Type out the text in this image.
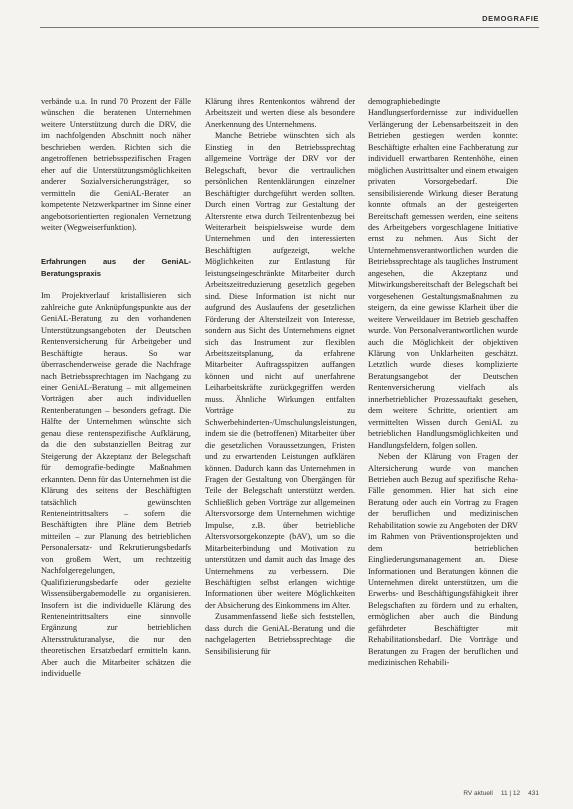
DEMOGRAFIE

verbände u.a. In rund 70 Prozent der Fälle wünschen die beratenen Unternehmen weitere Unterstützung durch die DRV, die im nachfolgenden Abschnitt noch näher beschrieben werden. Richten sich die angetroffenen betriebsspezifischen Fragen eher auf die Unterstützungsmöglichkeiten anderer Sozialversicherungsträger, so vermitteln die GeniAL-Berater an kompetente Netzwerkpartner im Sinne einer angebotsorientierten regionalen Vernetzung weiter (Wegweiserfunktion).

Erfahrungen aus der GeniAL-Beratungspraxis

Im Projektverlauf kristallisieren sich zahlreiche gute Anknüpfungspunkte aus der GeniAL-Beratung zu den vorhandenen Unterstützungsangeboten der Deutschen Rentenversicherung für Arbeitgeber und Beschäftigte heraus. So war überraschenderweise gerade die Nachfrage nach Betriebssprechtagen im Nachgang zu einer GeniAL-Beratung – mit allgemeinen Vorträgen aber auch individuellen Rentenberatungen – besonders gefragt. Die Hälfte der Unternehmen wünschte sich genau diese rentenspezifische Aufklärung, da die den substanziellen Beitrag zur Steigerung der Akzeptanz der Belegschaft für demografie-bedingte Maßnahmen erkannten. Denn für das Unternehmen ist die Klärung des seitens der Beschäftigten tatsächlich gewünschten Renteneintrittsalters – sofern die Beschäftigten ihre Pläne dem Betrieb mitteilen – zur Planung des betrieblichen Personalersatz- und Rekrutierungsbedarfs von großem Wert, um rechtzeitig Nachfolgeregelungen, Qualifizierungsbedarfe oder gezielte Wissensübergabemodelle zu organisieren. Insofern ist die individuelle Klärung des Renteneintrittsalters eine sinnvolle Ergänzung zur betrieblichen Altersstrukturanalyse, die nur den theoretischen Ersatzbedarf ermitteln kann. Aber auch die Mitarbeiter schätzen die individuelle

Klärung ihres Rentenkontos während der Arbeitszeit und werten diese als besondere Anerkennung des Unternehmens.

Manche Betriebe wünschten sich als Einstieg in den Betriebssprechtag allgemeine Vorträge der DRV vor der Belegschaft, bevor die vertraulichen persönlichen Rentenklärungen einzelner Beschäftigter durchgeführt werden sollten. Durch einen Vortrag zur Gestaltung der Altersrente etwa durch Teilrentenbezug bei Weiterarbeit beispielsweise wurde dem Unternehmen und den interessierten Beschäftigten aufgezeigt, welche Möglichkeiten zur Entlastung für leistungseingeschränkte Mitarbeiter durch Arbeitszeitreduzierung gesetzlich gegeben sind. Diese Information ist nicht nur aufgrund des Auslaufens der gesetzlichen Förderung der Altersteilzeit von Interesse, sondern aus Sicht des Unternehmens eignet sich das Instrument zur flexiblen Arbeitszeitsplanung, da erfahrene Mitarbeiter Auftragsspitzen auffangen können und nicht auf unerfahrene Leiharbeitskräfte zurückgegriffen werden muss. Ähnliche Wirkungen entfalten Vorträge zu Schwerbehinderten-/Umschulungsleistungen, indem sie die (betroffenen) Mitarbeiter über die gesetzlichen Voraussetzungen, Fristen und zu erwartenden Leistungen aufklären können. Dadurch kann das Unternehmen in Fragen der Gestaltung von Übergängen für Teile der Belegschaft unterstützt werden. Schließlich geben Vorträge zur allgemeinen Altersvorsorge dem Unternehmen wichtige Impulse, z.B. über betriebliche Altersvorsorgekonzepte (bAV), um so die Mitarbeiterbindung und Motivation zu unterstützen und damit auch das Image des Unternehmens zu verbessern. Die Beschäftigten selbst erlangen wichtige Informationen über weitere Möglichkeiten der Absicherung des Einkommens im Alter.

Zusammenfassend ließe sich feststellen, dass durch die GeniAL-Beratung und die nachgelagerten Betriebssprechtage die Sensibilisierung für

demographiebedingte Handlungserfordernisse zur individuellen Verlängerung der Lebensarbeitszeit in den Betrieben gestiegen werden konnte: Beschäftigte erhalten eine Fachberatung zur individuell erwartbaren Rentenhöhe, einen möglichen Austrittsalter und einem etwaigen privaten Vorsorgebedarf. Die sensibilisierende Wirkung dieser Beratung konnte oftmals an der gesteigerten Bereitschaft gemessen werden, eine seitens des Arbeitgebers vorgeschlagene Initiative ernst zu nehmen. Aus Sicht der Unternehmensverantwortlichen wurden die Betriebssprechtage als taugliches Instrument angesehen, die Akzeptanz und Mitwirkungsbereitschaft der Belegschaft bei vorgesehenen Gestaltungsmaßnahmen zu steigern, da eine gewisse Klarheit über die weitere Verweildauer im Betrieb geschaffen wurde. Von Personalverantwortlichen wurde auch die Möglichkeit der objektiven Klärung von Unklarheiten geschätzt. Letztlich wurde dieses komplizierte Beratungsangebot der Deutschen Rentenversicherung vielfach als innerbetrieblicher Prozessauftakt gesehen, dem weitere Schritte, orientiert am vermittelten Wissen durch GeniAL zu betrieblichen Handlungsmöglichkeiten und Handlungsfeldern, folgen sollen.

Neben der Klärung von Fragen der Altersicherung wurde von manchen Betrieben auch Bezug auf spezifische Reha-Fälle genommen. Hier hat sich eine Beratung oder auch ein Vortrag zu Fragen der beruflichen und medizinischen Rehabilitation sowie zu Angeboten der DRV im Rahmen von Präventionsprojekten und dem betrieblichen Eingliederungsmanagement an. Diese Informationen und Beratungen können die Unternehmen direkt unterstützen, um die Erwerbs- und Beschäftigungsfähigkeit ihrer Belegschaften zu fördern und zu erhalten, ermöglichen aber auch die Bindung gefährdeter Beschäftigter mit Rehabilitationsbedarf. Die Vorträge und Beratungen zu Fragen der beruflichen und medizinischen Rehabili-

RV aktuell 11 | 12 431
